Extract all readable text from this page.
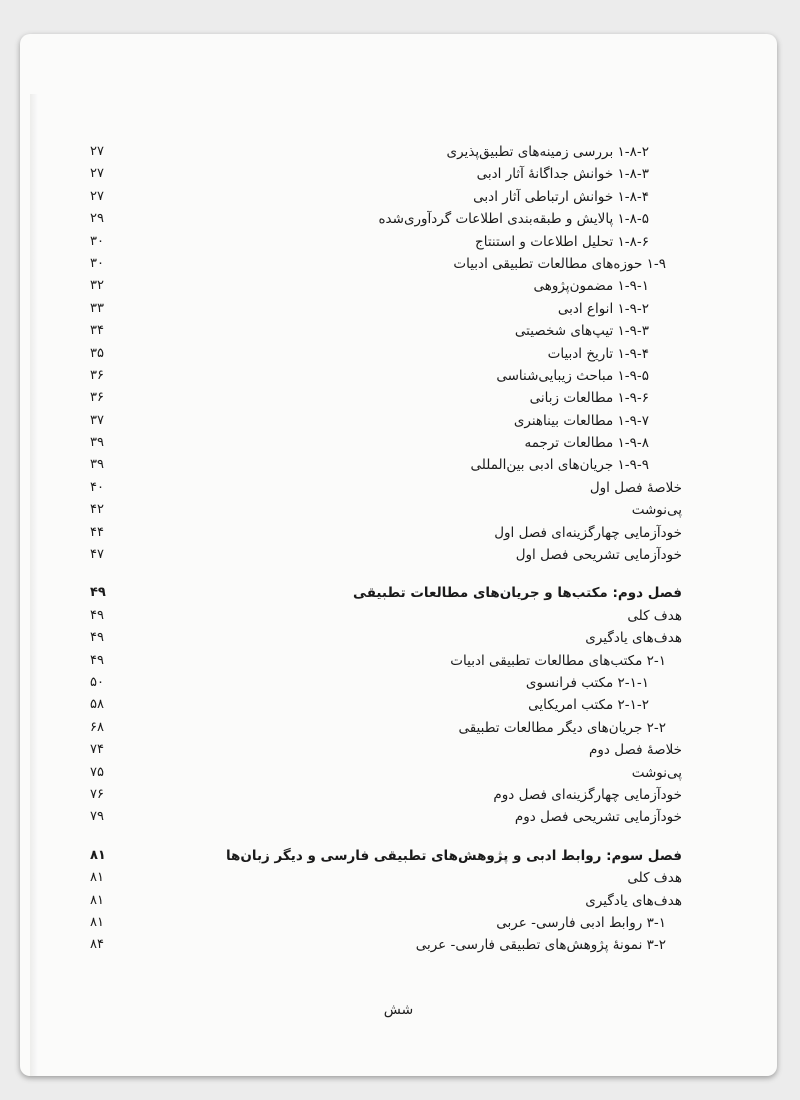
۱-۸-۲ بررسی زمینه‌های تطبیق‌پذیری
۲۷
۱-۸-۳ خوانش جداگانهٔ آثار ادبی
۲۷
۱-۸-۴ خوانش ارتباطی آثار ادبی
۲۷
۱-۸-۵ پالایش و طبقه‌بندی اطلاعات گردآوری‌شده
۲۹
۱-۸-۶ تحلیل اطلاعات و استنتاج
۳۰
۱-۹ حوزه‌های مطالعات تطبیقی ادبیات
۳۰
۱-۹-۱ مضمون‌پژوهی
۳۲
۱-۹-۲ انواع ادبی
۳۳
۱-۹-۳ تیپ‌های شخصیتی
۳۴
۱-۹-۴ تاریخ ادبیات
۳۵
۱-۹-۵ مباحث زیبایی‌شناسی
۳۶
۱-۹-۶ مطالعات زبانی
۳۶
۱-۹-۷ مطالعات بیناهنری
۳۷
۱-۹-۸ مطالعات ترجمه
۳۹
۱-۹-۹ جریان‌های ادبی بین‌المللی
۳۹
خلاصهٔ فصل اول
۴۰
پی‌نوشت
۴۲
خودآزمایی چهارگزینه‌ای فصل اول
۴۴
خودآزمایی تشریحی فصل اول
۴۷
فصل دوم: مکتب‌ها و جریان‌های مطالعات تطبیقی
۴۹
هدف کلی
۴۹
هدف‌های یادگیری
۴۹
۲-۱ مکتب‌های مطالعات تطبیقی ادبیات
۴۹
۲-۱-۱ مکتب فرانسوی
۵۰
۲-۱-۲ مکتب امریکایی
۵۸
۲-۲ جریان‌های دیگر مطالعات تطبیقی
۶۸
خلاصهٔ فصل دوم
۷۴
پی‌نوشت
۷۵
خودآزمایی چهارگزینه‌ای فصل دوم
۷۶
خودآزمایی تشریحی فصل دوم
۷۹
فصل سوم: روابط ادبی و پژوهش‌های تطبیقی فارسی و دیگر زبان‌ها
۸۱
هدف کلی
۸۱
هدف‌های یادگیری
۸۱
۳-۱ روابط ادبی فارسی- عربی
۸۱
۳-۲ نمونهٔ پژوهش‌های تطبیقی فارسی- عربی
۸۴
شش
